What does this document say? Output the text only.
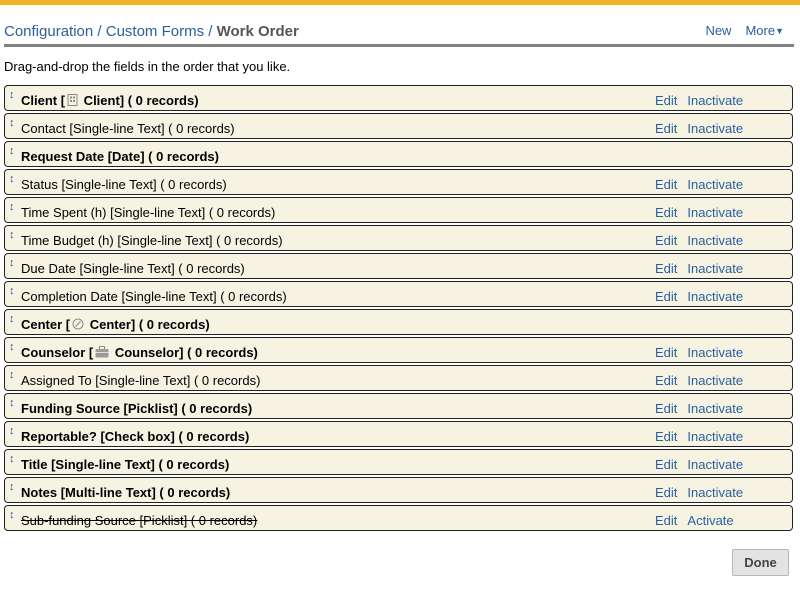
Configuration / Custom Forms / Work Order	New More▼
Drag-and-drop the fields in the order that you like.
↕ Client [ Client] ( 0 records)	Edit Inactivate
↕ Contact [Single-line Text] ( 0 records)	Edit Inactivate
↕ Request Date [Date] ( 0 records)
↕ Status [Single-line Text] ( 0 records)	Edit Inactivate
↕ Time Spent (h) [Single-line Text] ( 0 records)	Edit Inactivate
↕ Time Budget (h) [Single-line Text] ( 0 records)	Edit Inactivate
↕ Due Date [Single-line Text] ( 0 records)	Edit Inactivate
↕ Completion Date [Single-line Text] ( 0 records)	Edit Inactivate
↕ Center [ Center] ( 0 records)
↕ Counselor [ Counselor] ( 0 records)	Edit Inactivate
↕ Assigned To [Single-line Text] ( 0 records)	Edit Inactivate
↕ Funding Source [Picklist] ( 0 records)	Edit Inactivate
↕ Reportable? [Check box] ( 0 records)	Edit Inactivate
↕ Title [Single-line Text] ( 0 records)	Edit Inactivate
↕ Notes [Multi-line Text] ( 0 records)	Edit Inactivate
↕ Sub-funding Source [Picklist] ( 0 records)	Edit Activate
Done
